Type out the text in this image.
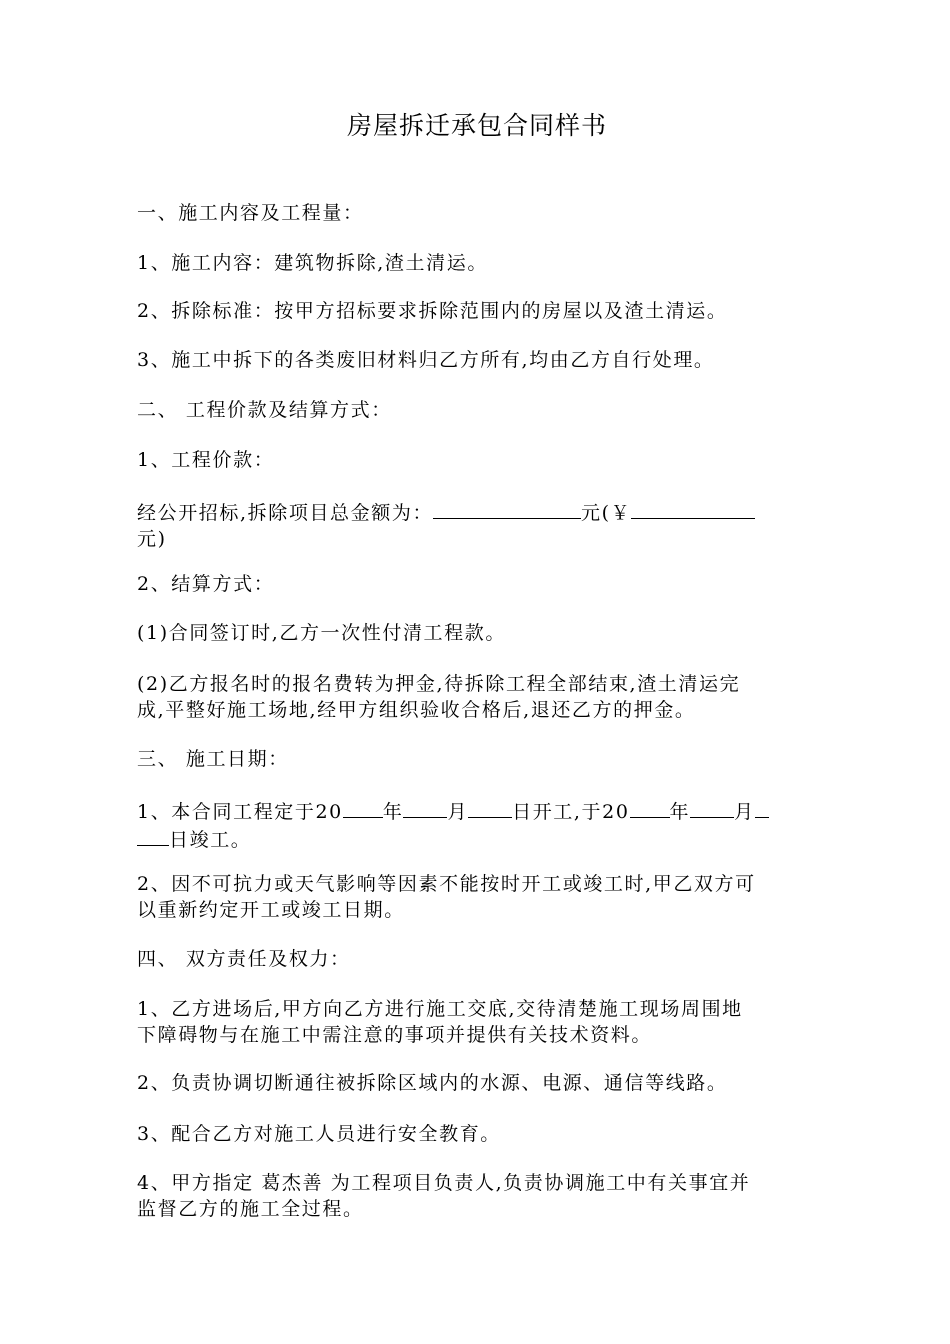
房屋拆迁承包合同样书
一、施工内容及工程量：
1、施工内容：建筑物拆除,渣土清运。
2、拆除标准：按甲方招标要求拆除范围内的房屋以及渣土清运。
3、施工中拆下的各类废旧材料归乙方所有,均由乙方自行处理。
二、 工程价款及结算方式：
1、工程价款：
经公开招标,拆除项目总金额为：	元(￥
元)
2、结算方式：
(1)合同签订时,乙方一次性付清工程款。
(2)乙方报名时的报名费转为押金,待拆除工程全部结束,渣土清运完
成,平整好施工场地,经甲方组织验收合格后,退还乙方的押金。
三、 施工日期：
1、本合同工程定于20 年 月 日开工,于20 年 月
日竣工。
2、因不可抗力或天气影响等因素不能按时开工或竣工时,甲乙双方可
以重新约定开工或竣工日期。
四、 双方责任及权力：
1、乙方进场后,甲方向乙方进行施工交底,交待清楚施工现场周围地
下障碍物与在施工中需注意的事项并提供有关技术资料。
2、负责协调切断通往被拆除区域内的水源、电源、通信等线路。
3、配合乙方对施工人员进行安全教育。
4、甲方指定 葛杰善 为工程项目负责人,负责协调施工中有关事宜并
监督乙方的施工全过程。
